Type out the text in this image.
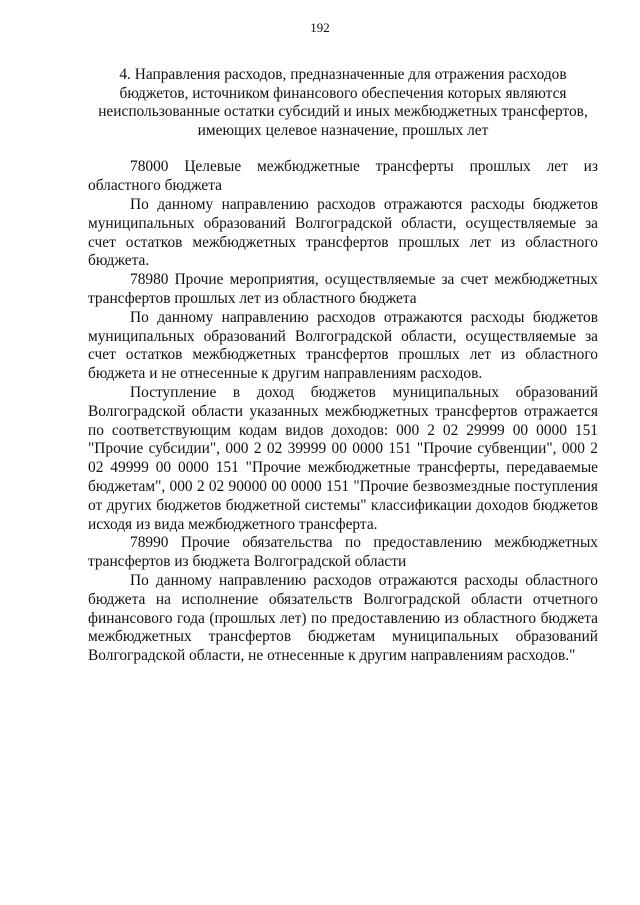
192

4. Направления расходов, предназначенные для отражения расходов бюджетов, источником финансового обеспечения которых являются неиспользованные остатки субсидий и иных межбюджетных трансфертов, имеющих целевое назначение, прошлых лет

78000 Целевые межбюджетные трансферты прошлых лет из областного бюджета

По данному направлению расходов отражаются расходы бюджетов муниципальных образований Волгоградской области, осуществляемые за счет остатков межбюджетных трансфертов прошлых лет из областного бюджета.

78980 Прочие мероприятия, осуществляемые за счет межбюджетных трансфертов прошлых лет из областного бюджета

По данному направлению расходов отражаются расходы бюджетов муниципальных образований Волгоградской области, осуществляемые за счет остатков межбюджетных трансфертов прошлых лет из областного бюджета и не отнесенные к другим направлениям расходов.

Поступление в доход бюджетов муниципальных образований Волгоградской области указанных межбюджетных трансфертов отражается по соответствующим кодам видов доходов: 000 2 02 29999 00 0000 151 "Прочие субсидии", 000 2 02 39999 00 0000 151 "Прочие субвенции", 000 2 02 49999 00 0000 151 "Прочие межбюджетные трансферты, передаваемые бюджетам", 000 2 02 90000 00 0000 151 "Прочие безвозмездные поступления от других бюджетов бюджетной системы" классификации доходов бюджетов исходя из вида межбюджетного трансферта.

78990 Прочие обязательства по предоставлению межбюджетных трансфертов из бюджета Волгоградской области

По данному направлению расходов отражаются расходы областного бюджета на исполнение обязательств Волгоградской области отчетного финансового года (прошлых лет) по предоставлению из областного бюджета межбюджетных трансфертов бюджетам муниципальных образований Волгоградской области, не отнесенные к другим направлениям расходов."
